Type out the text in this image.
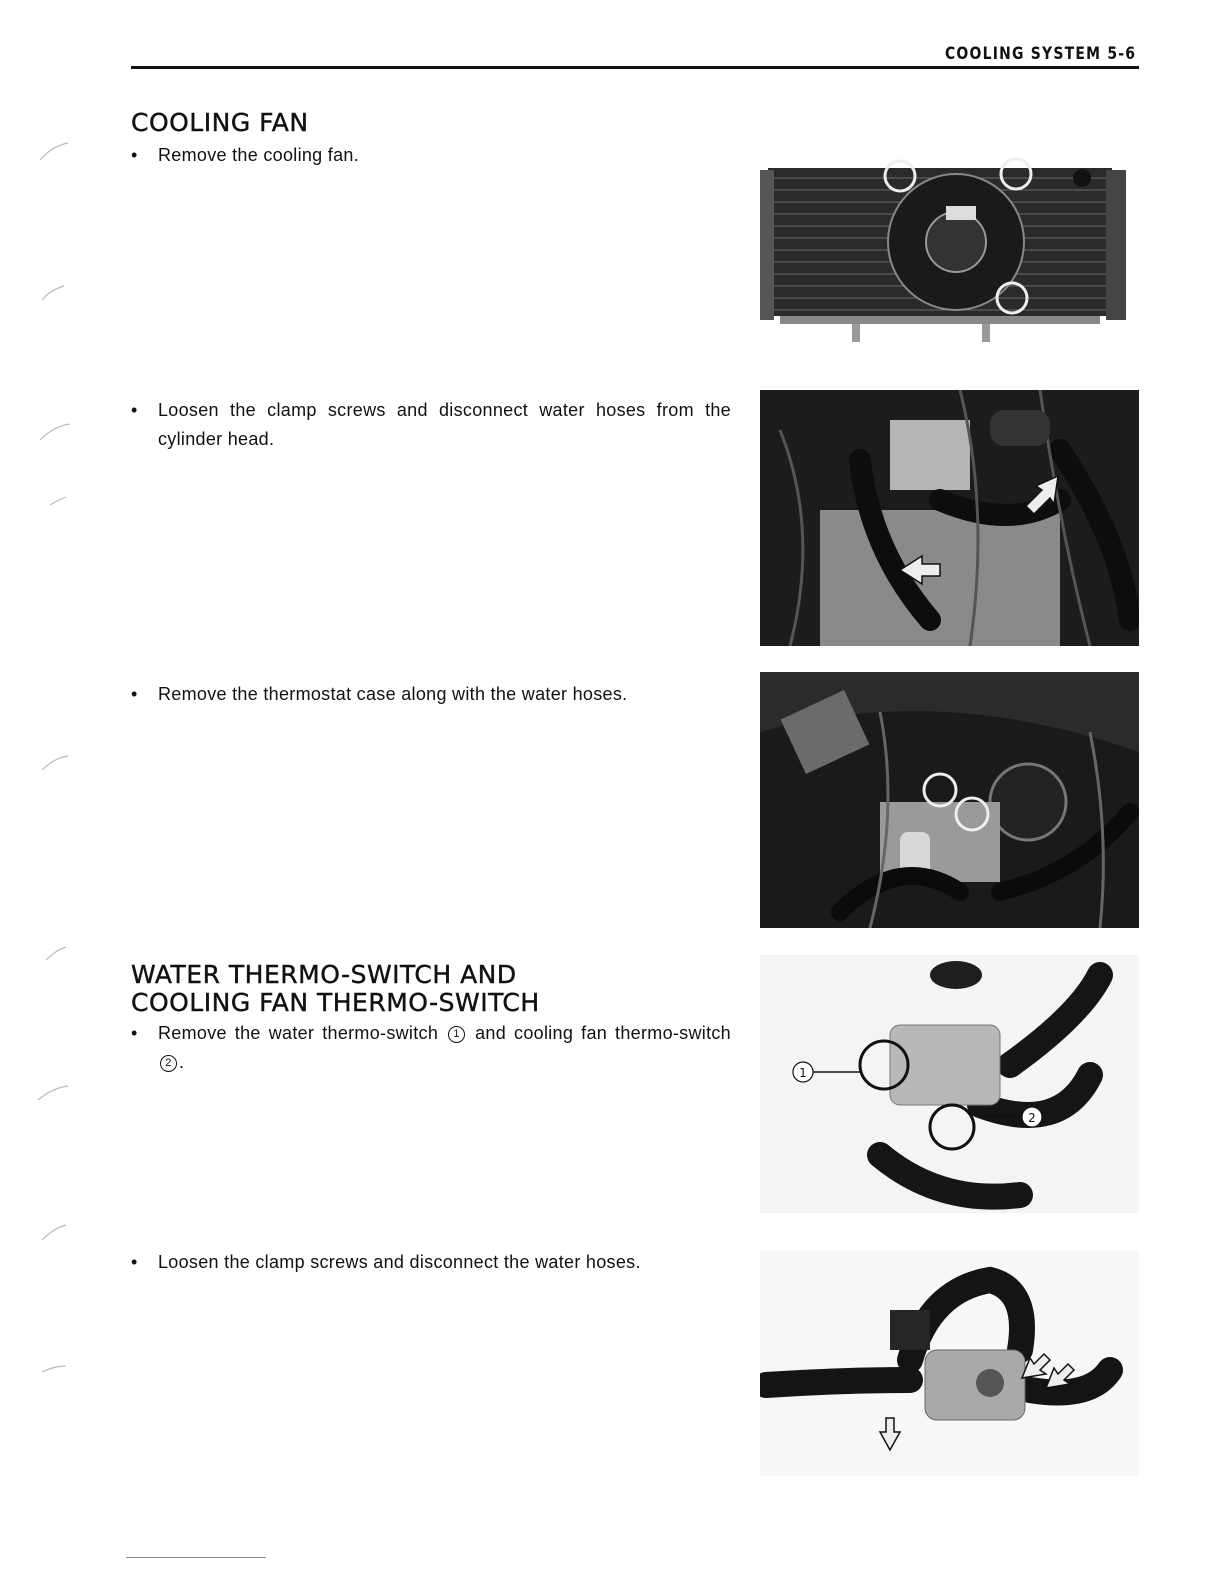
COOLING SYSTEM 5-6
COOLING FAN
•	Remove the cooling fan.
•	Loosen the clamp screws and disconnect water hoses from the cylinder head.
•	Remove the thermostat case along with the water hoses.
WATER THERMO-SWITCH AND
COOLING FAN THERMO-SWITCH
•	Remove the water thermo-switch 1 and cooling fan thermo-switch 2 .
•	Loosen the clamp screws and disconnect the water hoses.
1
2
